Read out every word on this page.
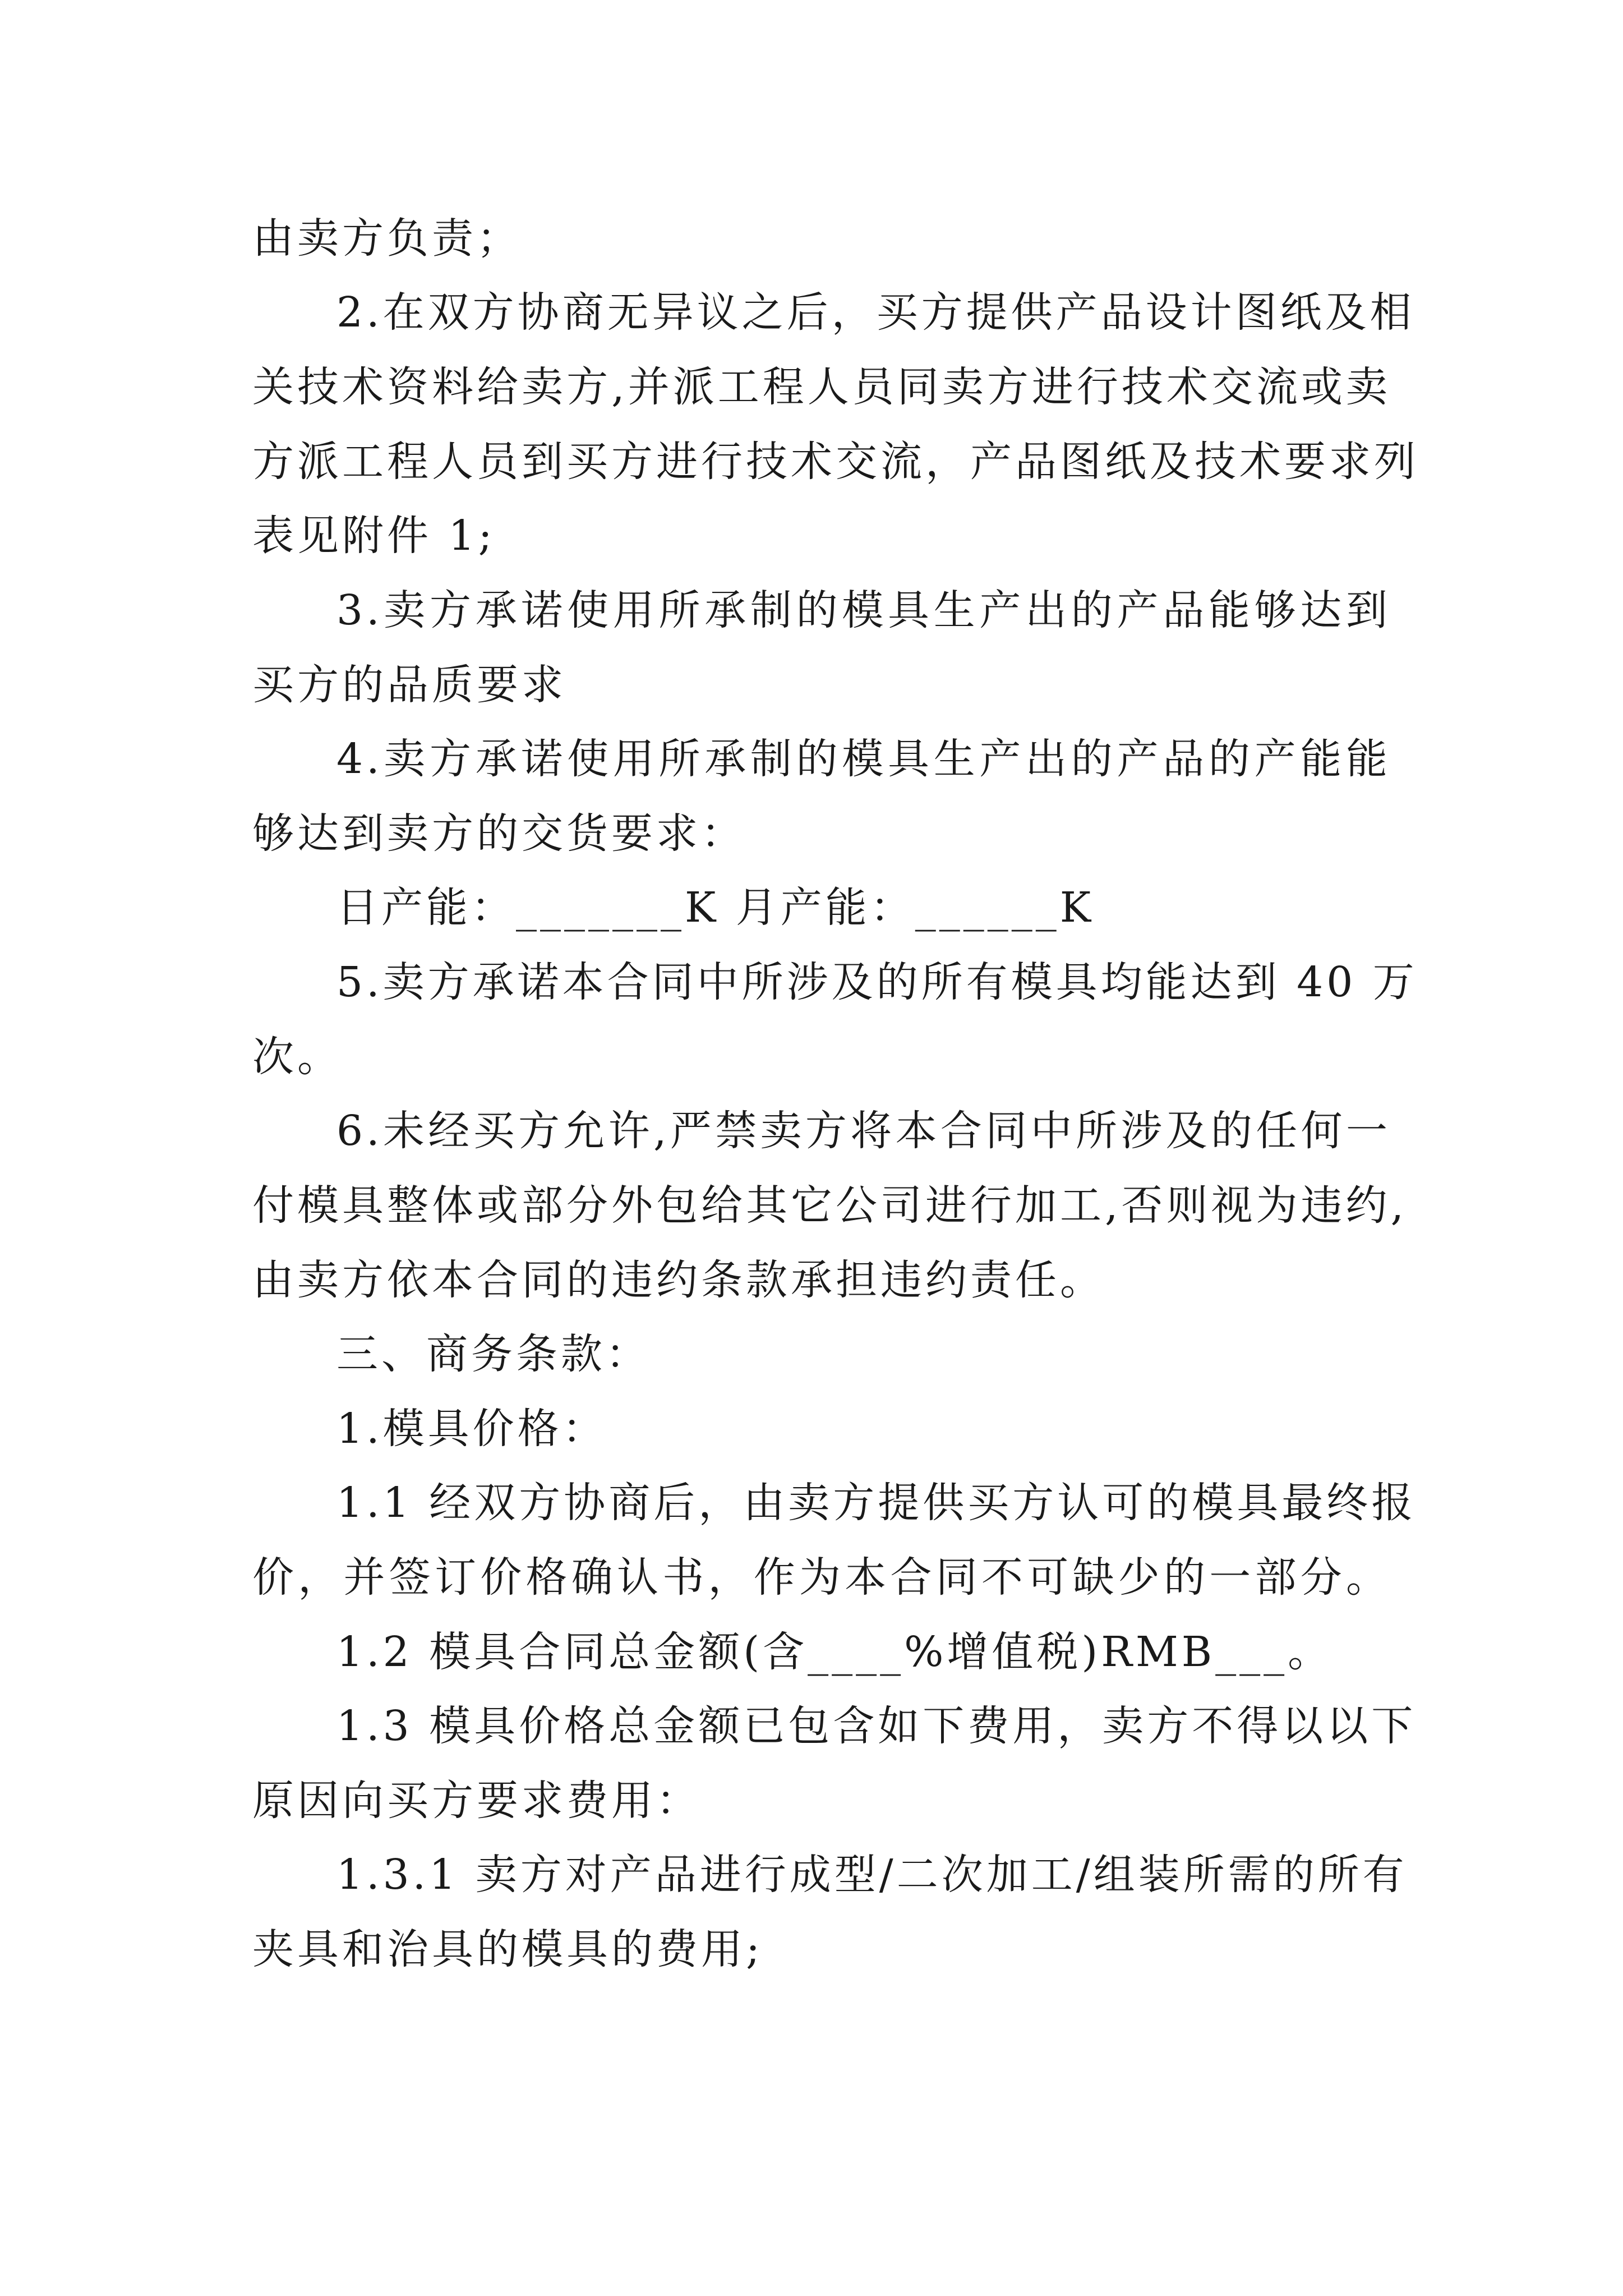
由卖方负责；
2.在双方协商无异议之后，买方提供产品设计图纸及相
关技术资料给卖方,并派工程人员同卖方进行技术交流或卖
方派工程人员到买方进行技术交流，产品图纸及技术要求列
表见附件 1;
3.卖方承诺使用所承制的模具生产出的产品能够达到
买方的品质要求
4.卖方承诺使用所承制的模具生产出的产品的产能能
够达到卖方的交货要求：
日产能：_______K 月产能：______K
5.卖方承诺本合同中所涉及的所有模具均能达到 40 万
次。
6.未经买方允许,严禁卖方将本合同中所涉及的任何一
付模具整体或部分外包给其它公司进行加工,否则视为违约,
由卖方依本合同的违约条款承担违约责任。
三、商务条款：
1.模具价格：
1.1 经双方协商后，由卖方提供买方认可的模具最终报
价，并签订价格确认书，作为本合同不可缺少的一部分。
1.2 模具合同总金额(含____%增值税)RMB___。
1.3 模具价格总金额已包含如下费用，卖方不得以以下
原因向买方要求费用：
1.3.1 卖方对产品进行成型/二次加工/组装所需的所有
夹具和治具的模具的费用;
